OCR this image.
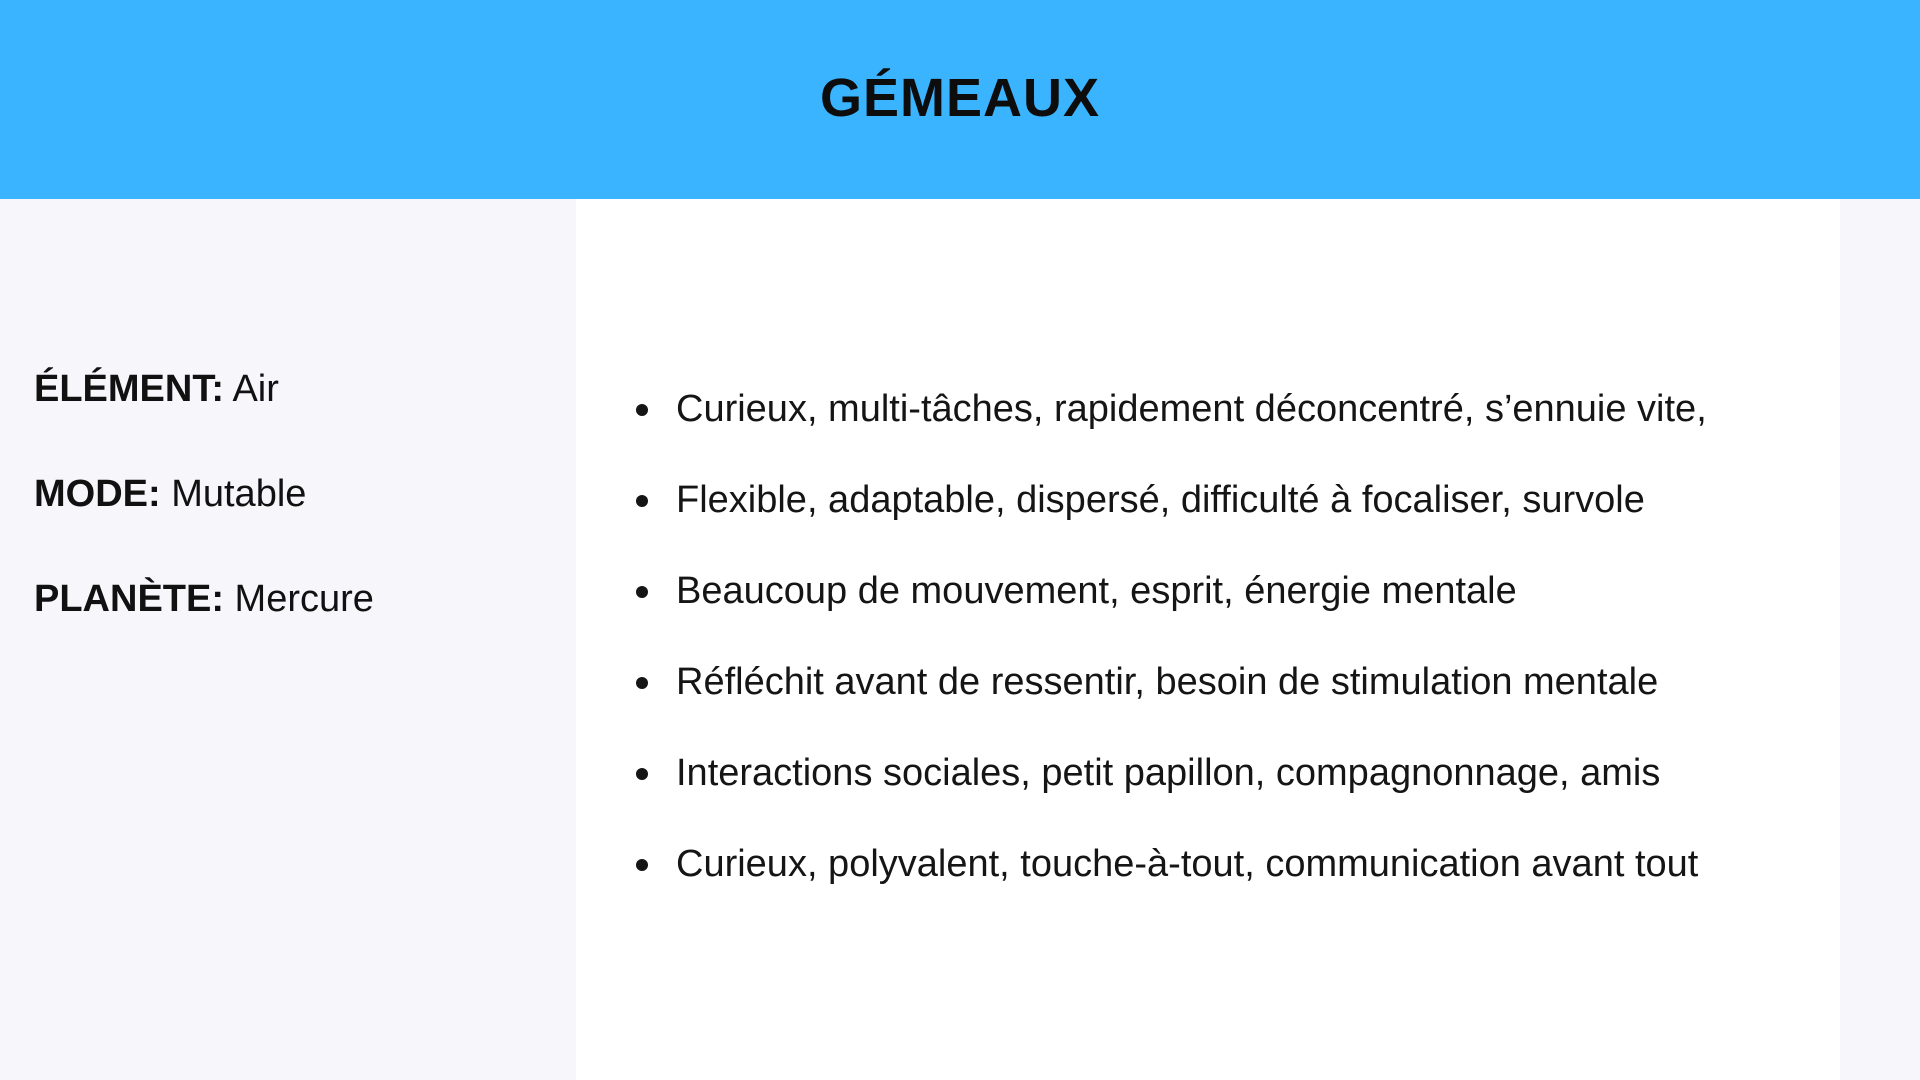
GÉMEAUX
ÉLÉMENT: Air
MODE: Mutable
PLANÈTE: Mercure
Curieux, multi-tâches, rapidement déconcentré, s’ennuie vite,
Flexible, adaptable, dispersé, difficulté à focaliser, survole
Beaucoup de mouvement, esprit, énergie mentale
Réfléchit avant de ressentir, besoin de stimulation mentale
Interactions sociales, petit papillon, compagnonnage, amis
Curieux, polyvalent, touche-à-tout, communication avant tout
